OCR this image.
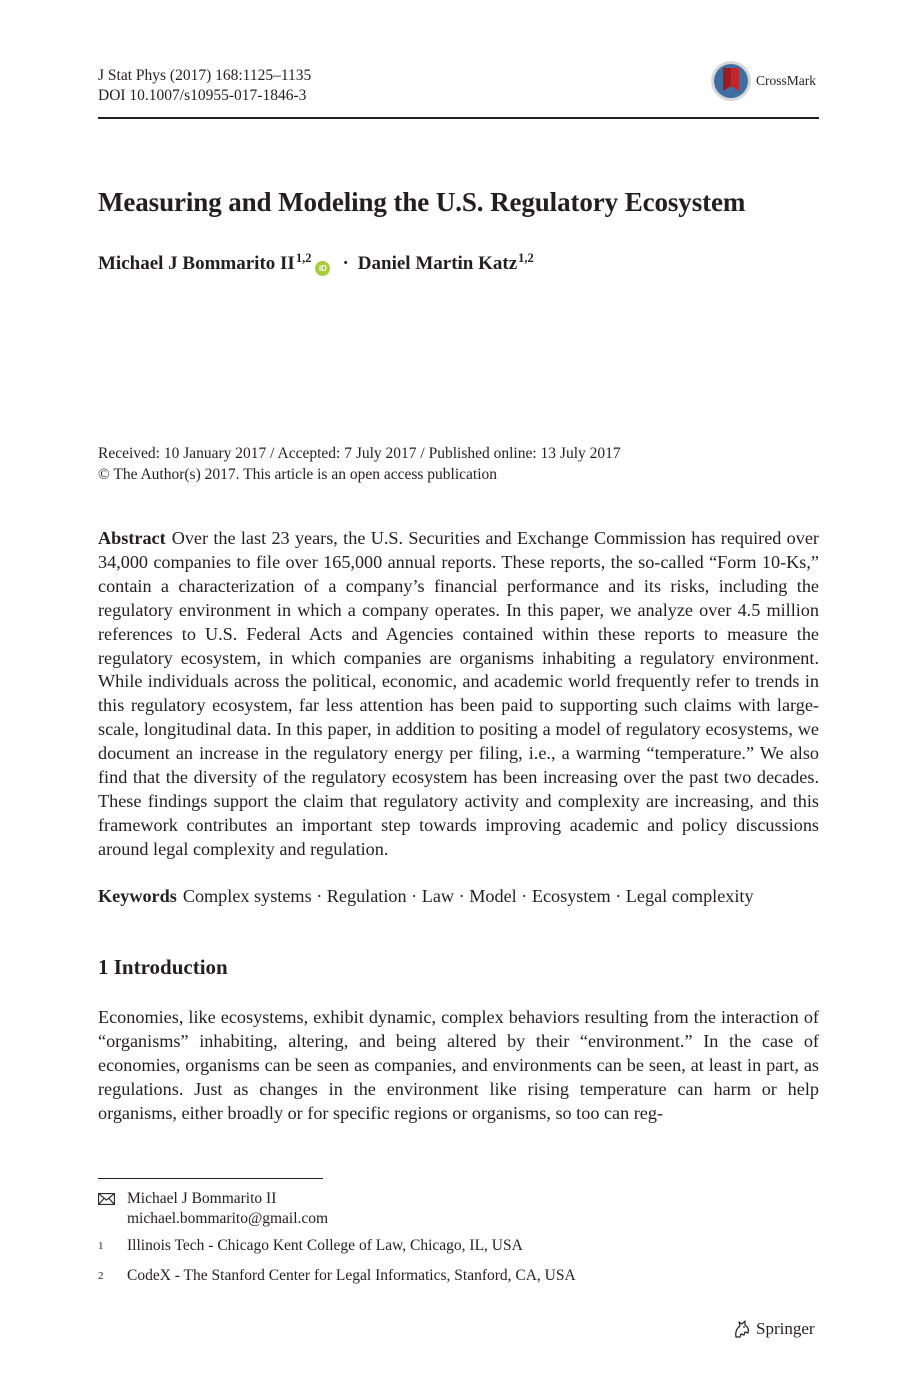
J Stat Phys (2017) 168:1125–1135
DOI 10.1007/s10955-017-1846-3
CrossMark
Measuring and Modeling the U.S. Regulatory Ecosystem
Michael J Bommarito II$^{1,2}$
iD · Daniel Martin Katz$^{1,2}$
Received: 10 January 2017 / Accepted: 7 July 2017 / Published online: 13 July 2017
© The Author(s) 2017. This article is an open access publication
Abstract Over the last 23 years, the U.S. Securities and Exchange Commission has required over 34,000 companies to file over 165,000 annual reports. These reports, the so-called “Form 10-Ks,” contain a characterization of a company’s financial performance and its risks, including the regulatory environment in which a company operates. In this paper, we analyze over 4.5 million references to U.S. Federal Acts and Agencies contained within these reports to measure the regulatory ecosystem, in which companies are organisms inhabiting a regulatory environment. While individuals across the political, economic, and academic world frequently refer to trends in this regulatory ecosystem, far less attention has been paid to supporting such claims with large-scale, longitudinal data. In this paper, in addition to positing a model of regulatory ecosystems, we document an increase in the regulatory energy per filing, i.e., a warming “temperature.” We also find that the diversity of the regulatory ecosystem has been increasing over the past two decades. These findings support the claim that regulatory activity and complexity are increasing, and this framework contributes an important step towards improving academic and policy discussions around legal complexity and regulation.
Keywords Complex systems · Regulation · Law · Model · Ecosystem · Legal complexity
1 Introduction
Economies, like ecosystems, exhibit dynamic, complex behaviors resulting from the interaction of “organisms” inhabiting, altering, and being altered by their “environment.” In the case of economies, organisms can be seen as companies, and environments can be seen, at least in part, as regulations. Just as changes in the environment like rising temperature can harm or help organisms, either broadly or for specific regions or organisms, so too can reg-
Michael J Bommarito II
michael.bommarito@gmail.com
$^1$ Illinois Tech - Chicago Kent College of Law, Chicago, IL, USA
$^2$ CodeX - The Stanford Center for Legal Informatics, Stanford, CA, USA
Springer
